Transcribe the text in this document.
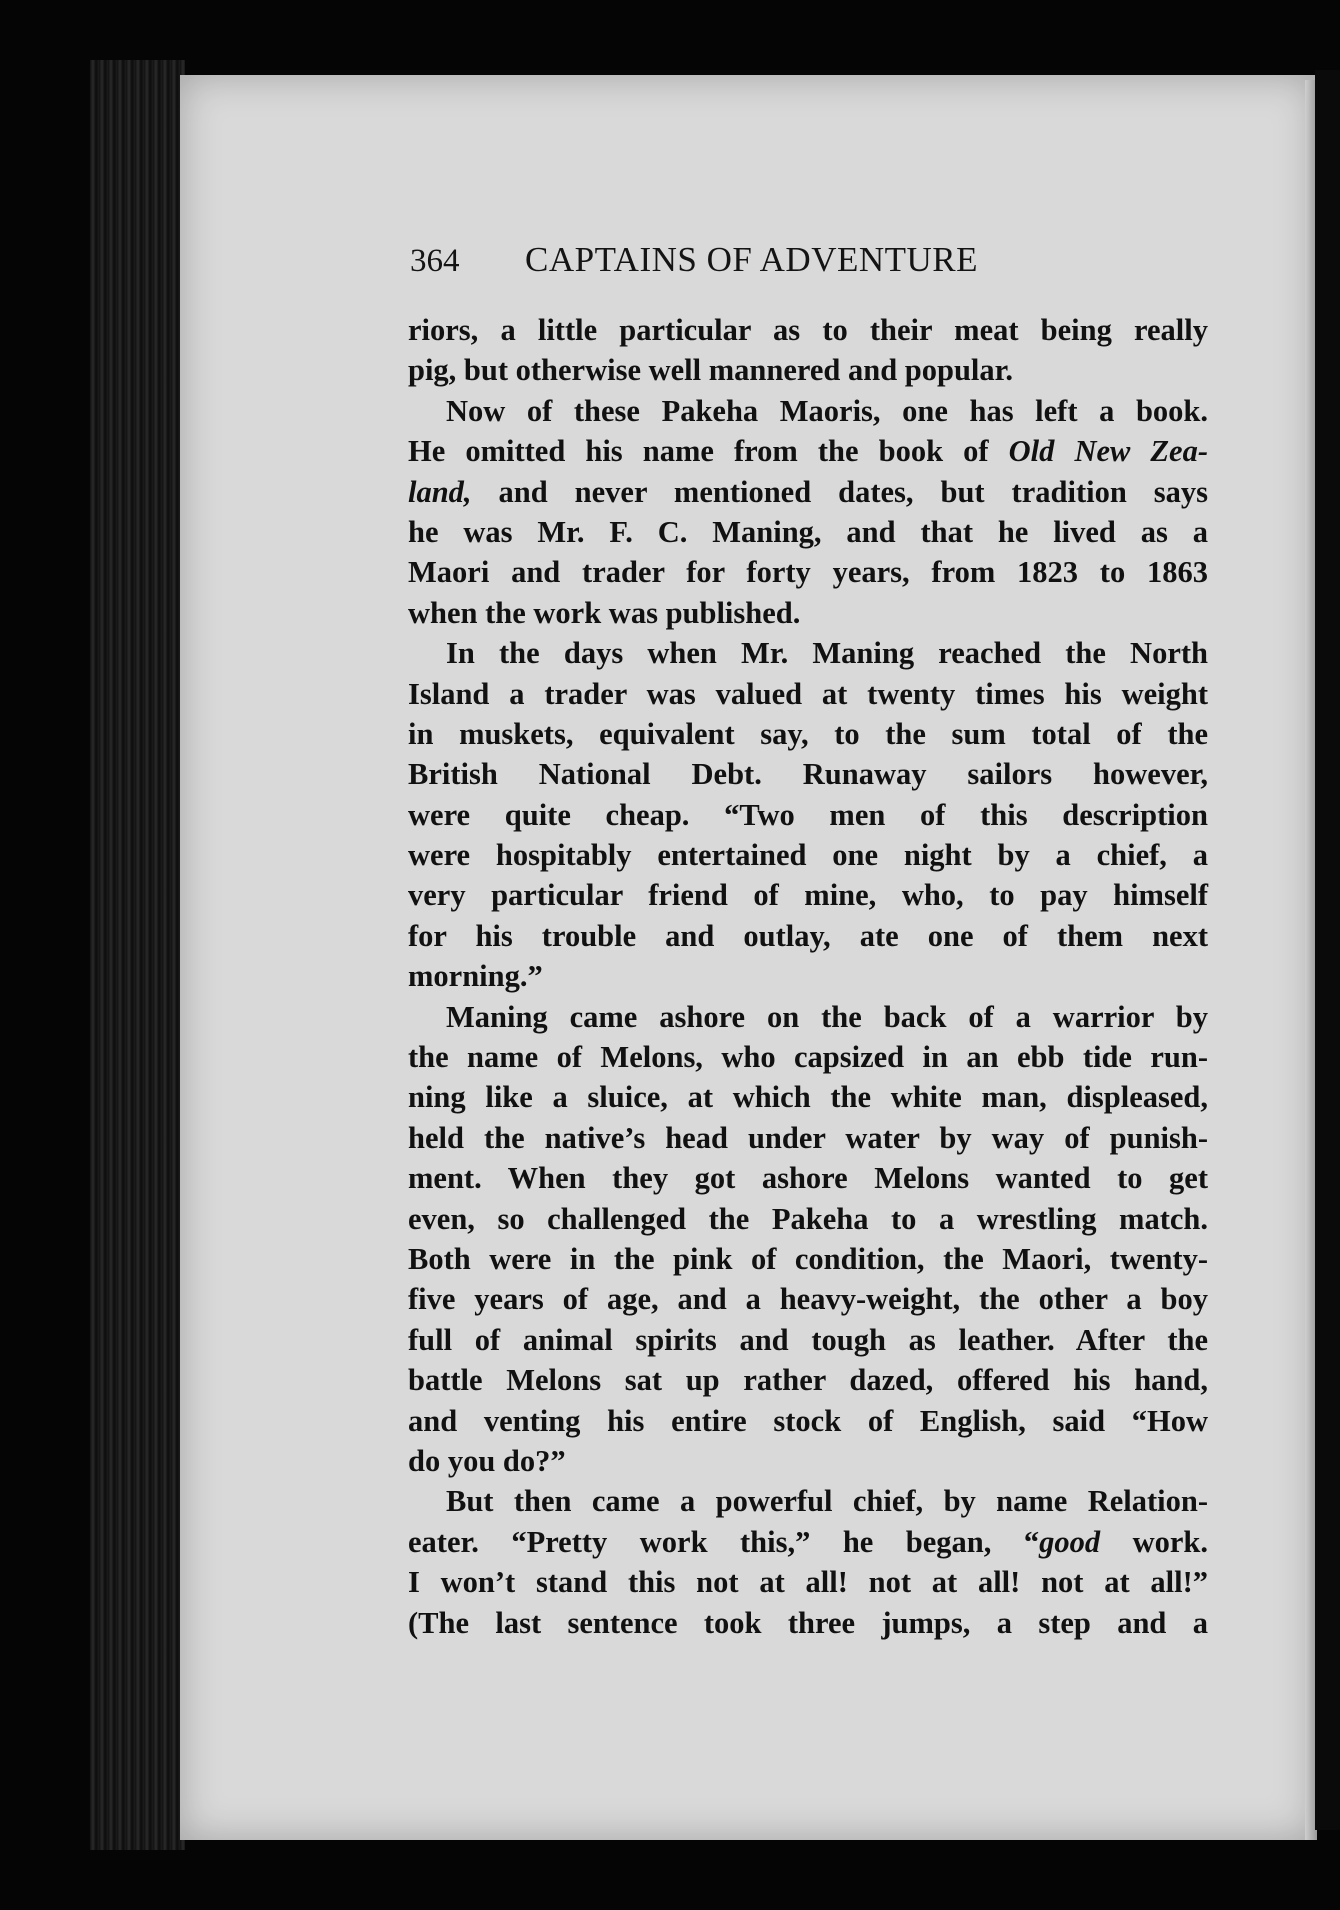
364	CAPTAINS OF ADVENTURE
riors, a little particular as to their meat being really
pig, but otherwise well mannered and popular.
Now of these Pakeha Maoris, one has left a book.
He omitted his name from the book of Old New Zea-
land, and never mentioned dates, but tradition says
he was Mr. F. C. Maning, and that he lived as a
Maori and trader for forty years, from 1823 to 1863
when the work was published.
In the days when Mr. Maning reached the North
Island a trader was valued at twenty times his weight
in muskets, equivalent say, to the sum total of the
British National Debt. Runaway sailors however,
were quite cheap. “Two men of this description
were hospitably entertained one night by a chief, a
very particular friend of mine, who, to pay himself
for his trouble and outlay, ate one of them next
morning.”
Maning came ashore on the back of a warrior by
the name of Melons, who capsized in an ebb tide run-
ning like a sluice, at which the white man, displeased,
held the native’s head under water by way of punish-
ment. When they got ashore Melons wanted to get
even, so challenged the Pakeha to a wrestling match.
Both were in the pink of condition, the Maori, twenty-
five years of age, and a heavy-weight, the other a boy
full of animal spirits and tough as leather. After the
battle Melons sat up rather dazed, offered his hand,
and venting his entire stock of English, said “How
do you do?”
But then came a powerful chief, by name Relation-
eater. “Pretty work this,” he began, “good work.
I won’t stand this not at all! not at all! not at all!”
(The last sentence took three jumps, a step and a
